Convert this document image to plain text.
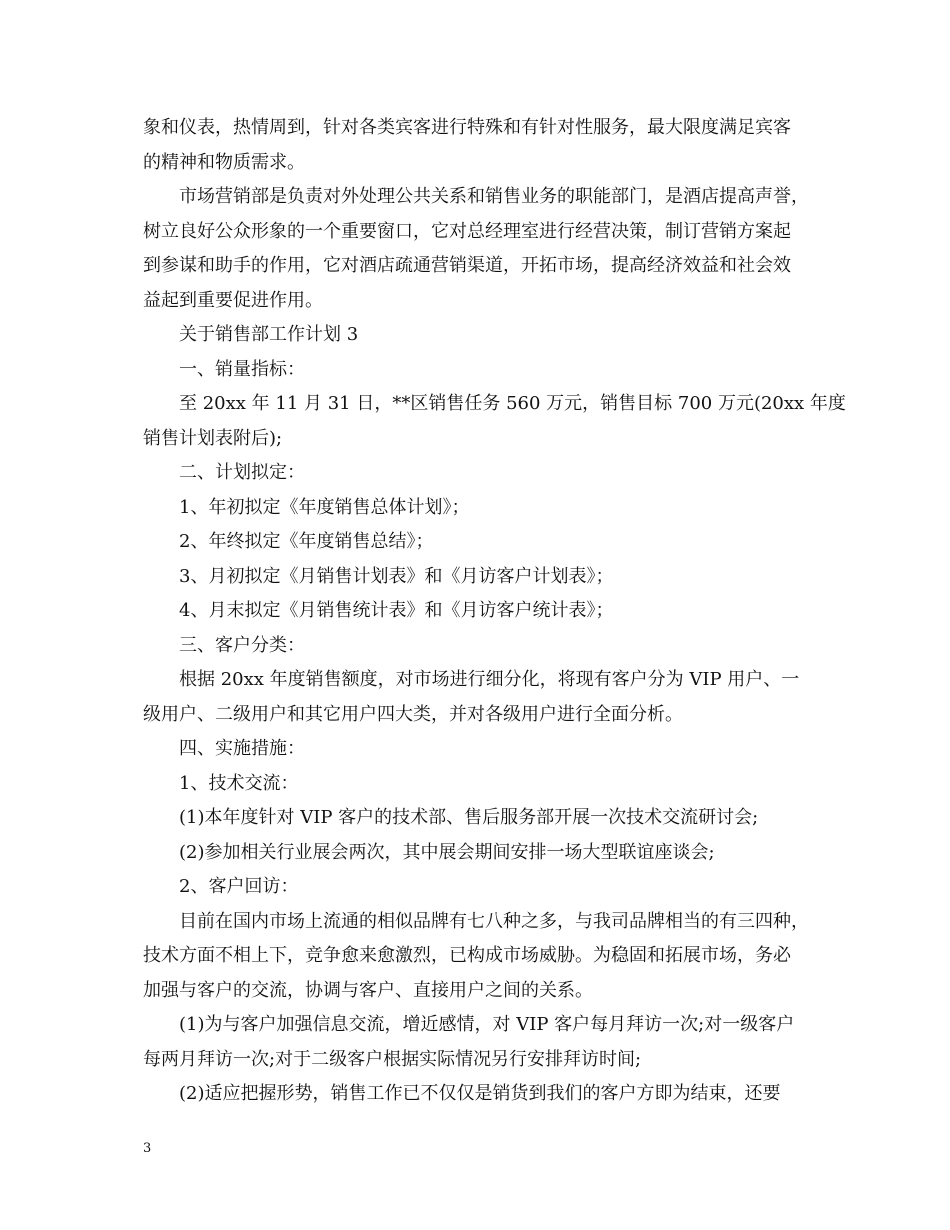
象和仪表，热情周到，针对各类宾客进行特殊和有针对性服务，最大限度满足宾客
的精神和物质需求。
市场营销部是负责对外处理公共关系和销售业务的职能部门，是酒店提高声誉，
树立良好公众形象的一个重要窗口，它对总经理室进行经营决策，制订营销方案起
到参谋和助手的作用，它对酒店疏通营销渠道，开拓市场，提高经济效益和社会效
益起到重要促进作用。
关于销售部工作计划 3
一、销量指标：
至 20xx 年 11 月 31 日，**区销售任务 560 万元，销售目标 700 万元(20xx 年度
销售计划表附后);
二、计划拟定：
1、年初拟定《年度销售总体计划》；
2、年终拟定《年度销售总结》；
3、月初拟定《月销售计划表》和《月访客户计划表》；
4、月末拟定《月销售统计表》和《月访客户统计表》；
三、客户分类：
根据 20xx 年度销售额度，对市场进行细分化，将现有客户分为 VIP 用户、一
级用户、二级用户和其它用户四大类，并对各级用户进行全面分析。
四、实施措施：
1、技术交流：
(1)本年度针对 VIP 客户的技术部、售后服务部开展一次技术交流研讨会;
(2)参加相关行业展会两次，其中展会期间安排一场大型联谊座谈会;
2、客户回访：
目前在国内市场上流通的相似品牌有七八种之多，与我司品牌相当的有三四种，
技术方面不相上下，竞争愈来愈激烈，已构成市场威胁。为稳固和拓展市场，务必
加强与客户的交流，协调与客户、直接用户之间的关系。
(1)为与客户加强信息交流，增近感情，对 VIP 客户每月拜访一次;对一级客户
每两月拜访一次;对于二级客户根据实际情况另行安排拜访时间;
(2)适应把握形势，销售工作已不仅仅是销货到我们的客户方即为结束，还要
3
